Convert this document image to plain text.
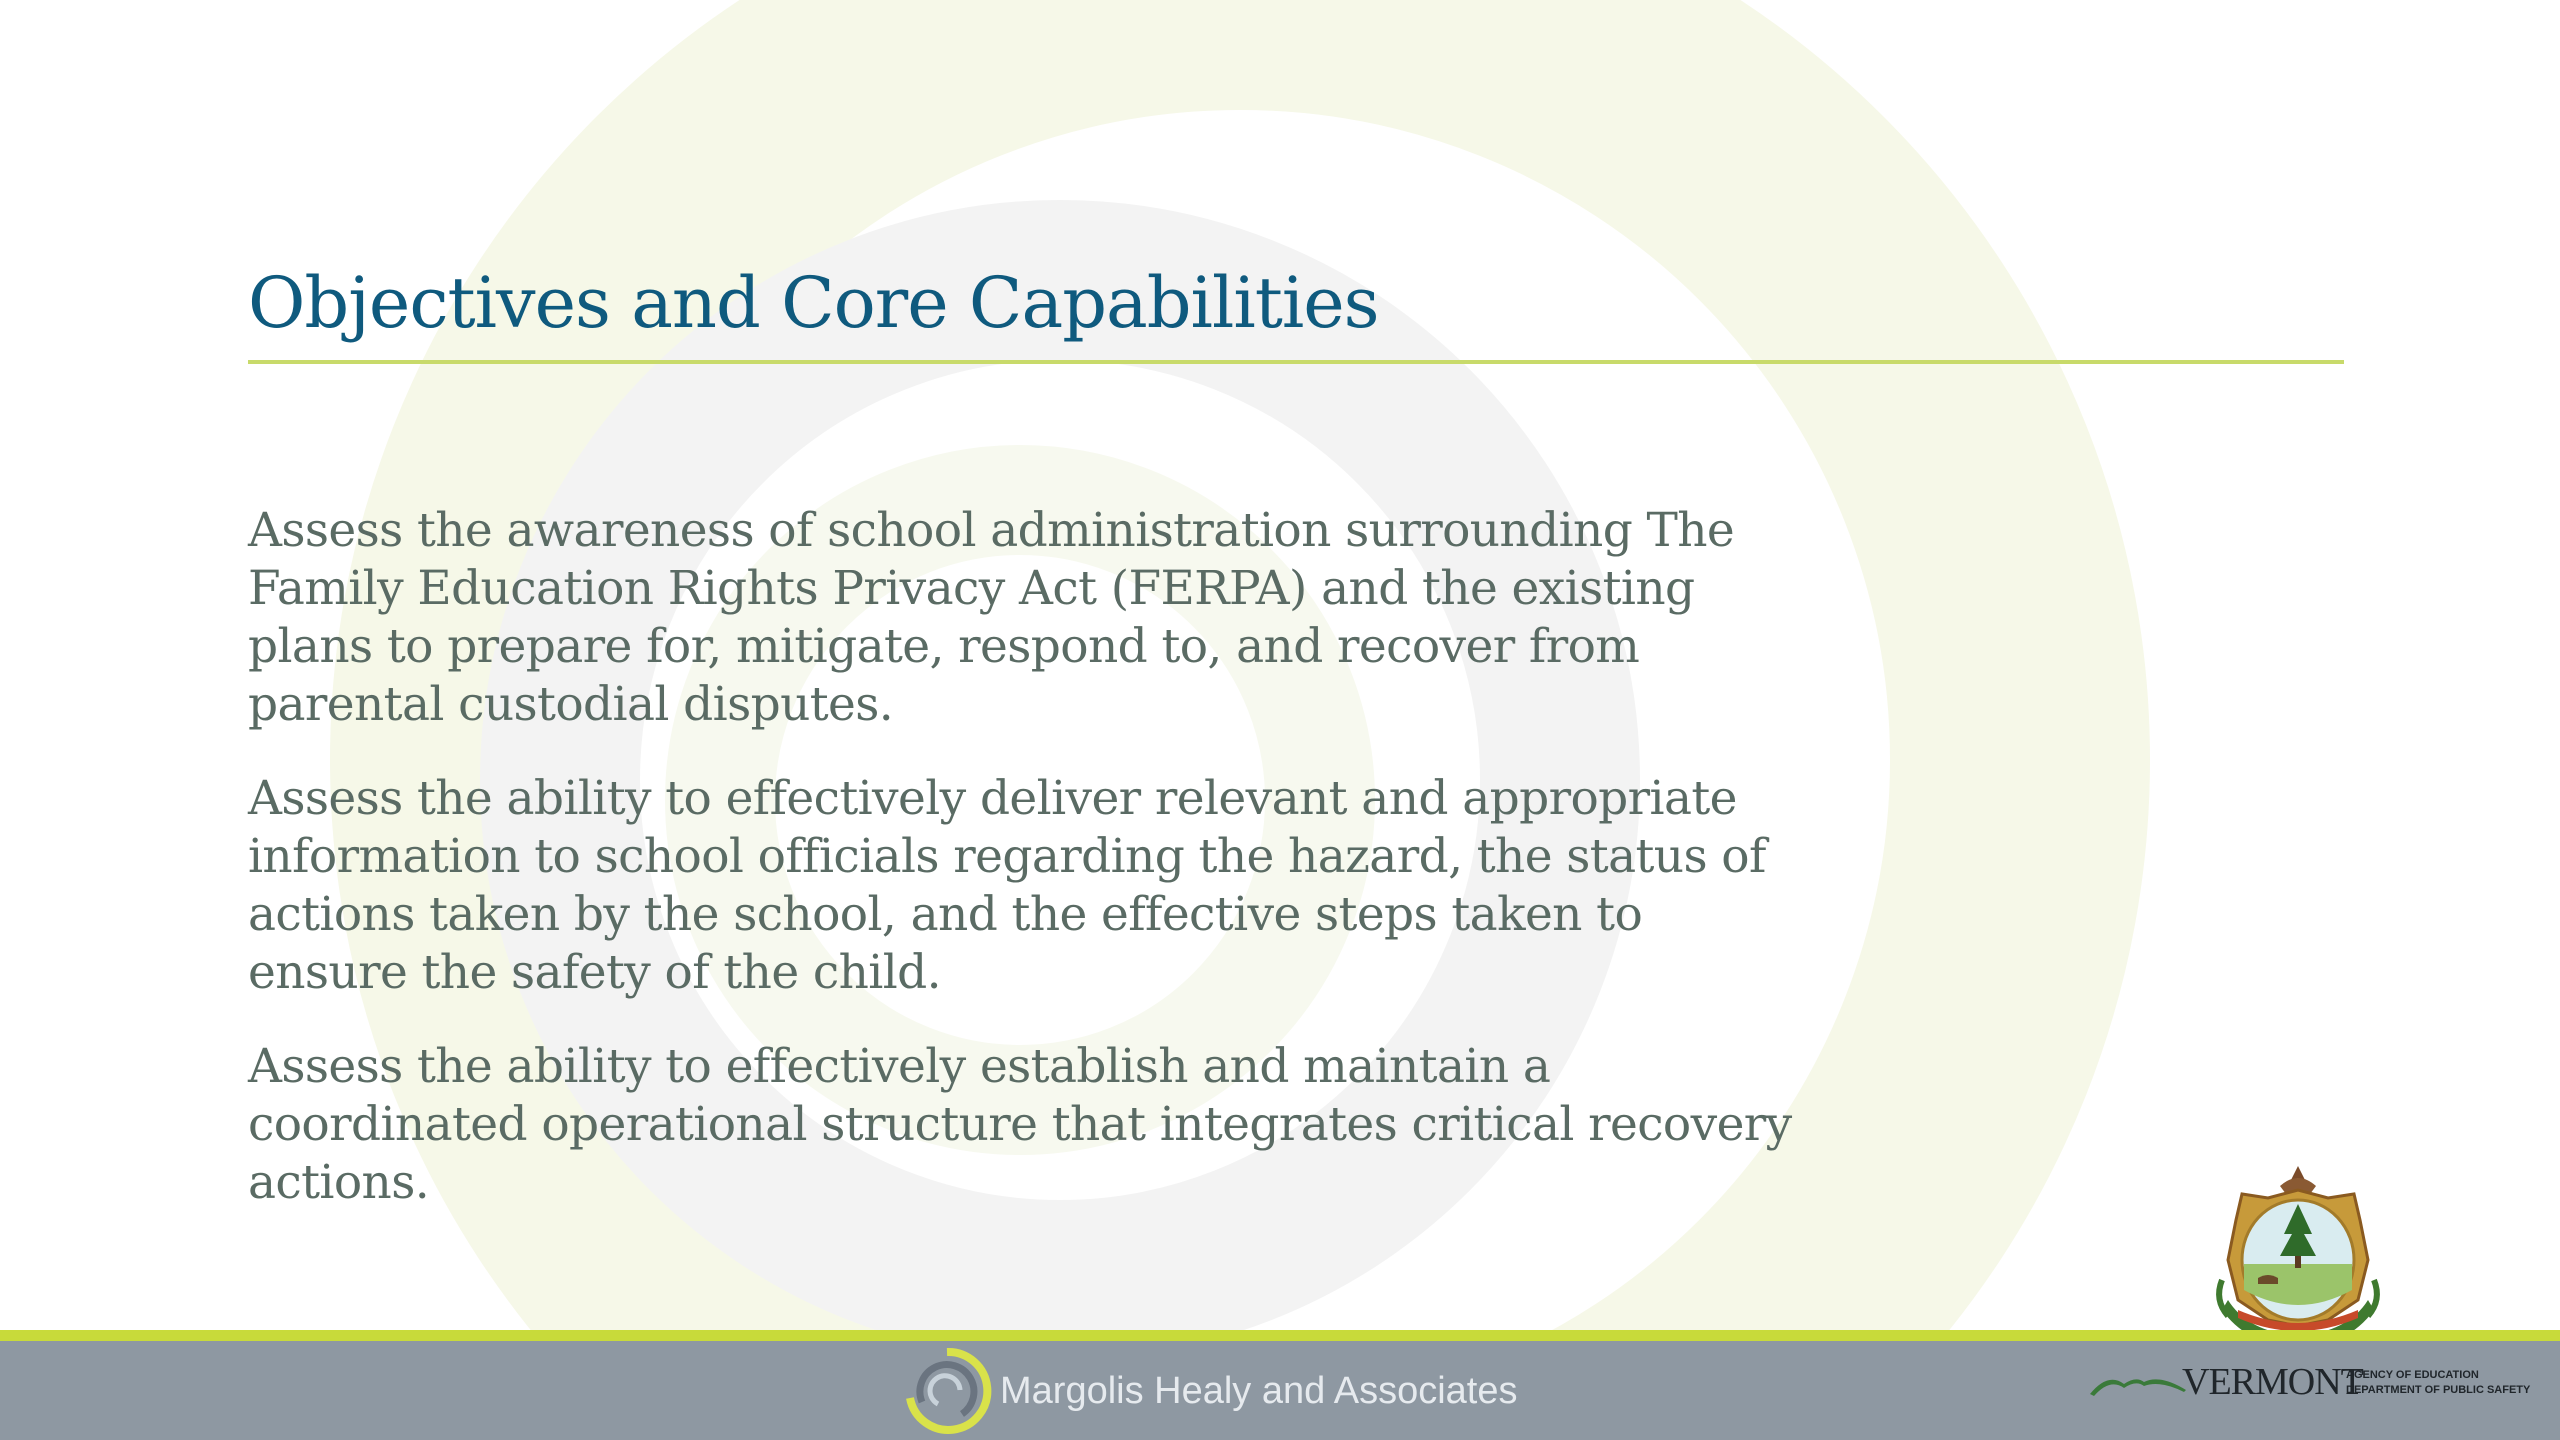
Objectives and Core Capabilities

Assess the awareness of school administration surrounding The Family Education Rights Privacy Act (FERPA) and the existing plans to prepare for, mitigate, respond to, and recover from parental custodial disputes.

Assess the ability to effectively deliver relevant and appropriate information to school officials regarding the hazard, the status of actions taken by the school, and the effective steps taken to ensure the safety of the child.

Assess the ability to effectively establish and maintain a coordinated operational structure that integrates critical recovery actions.

Margolis Healy and Associates	VERMONT
AGENCY OF EDUCATION
DEPARTMENT OF PUBLIC SAFETY
